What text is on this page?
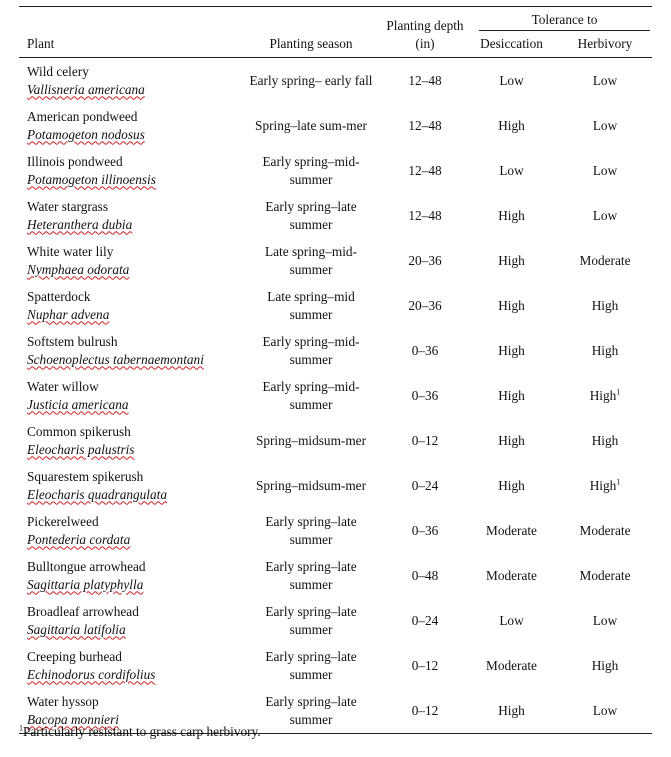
		Planting depth (in)	Tolerance to	

Plant	Planting season		Desiccation	Herbivory

Wild celery
Vallisneria americana	Early spring– early fall	12–48	Low	Low

American pondweed
Potamogeton nodosus	Spring–late sum-mer	12–48	High	Low

Illinois pondweed
Potamogeton illinoensis	Early spring–mid-summer	12–48	Low	Low

Water stargrass
Heteranthera dubia	Early spring–late summer	12–48	High	Low

White water lily
Nymphaea odorata	Late spring–mid-summer	20–36	High	Moderate

Spatterdock
Nuphar advena	Late spring–mid summer	20–36	High	High

Softstem bulrush
Schoenoplectus tabernaemontani	Early spring–mid-summer	0–36	High	High

Water willow
Justicia americana	Early spring–mid-summer	0–36	High	High$^1$

Common spikerush
Eleocharis palustris	Spring–midsum-mer	0–12	High	High

Squarestem spikerush
Eleocharis quadrangulata	Spring–midsum-mer	0–24	High	High$^1$

Pickerelweed
Pontederia cordata	Early spring–late summer	0–36	Moderate	Moderate

Bulltongue arrowhead
Sagittaria platyphylla	Early spring–late summer	0–48	Moderate	Moderate

Broadleaf arrowhead
Sagittaria latifolia	Early spring–late summer	0–24	Low	Low

Creeping burhead
Echinodorus cordifolius	Early spring–late summer	0–12	Moderate	High

Water hyssop
Bacopa monnieri	Early spring–late summer	0–12	High	Low
$^1$Particularly resistant to grass carp herbivory.
